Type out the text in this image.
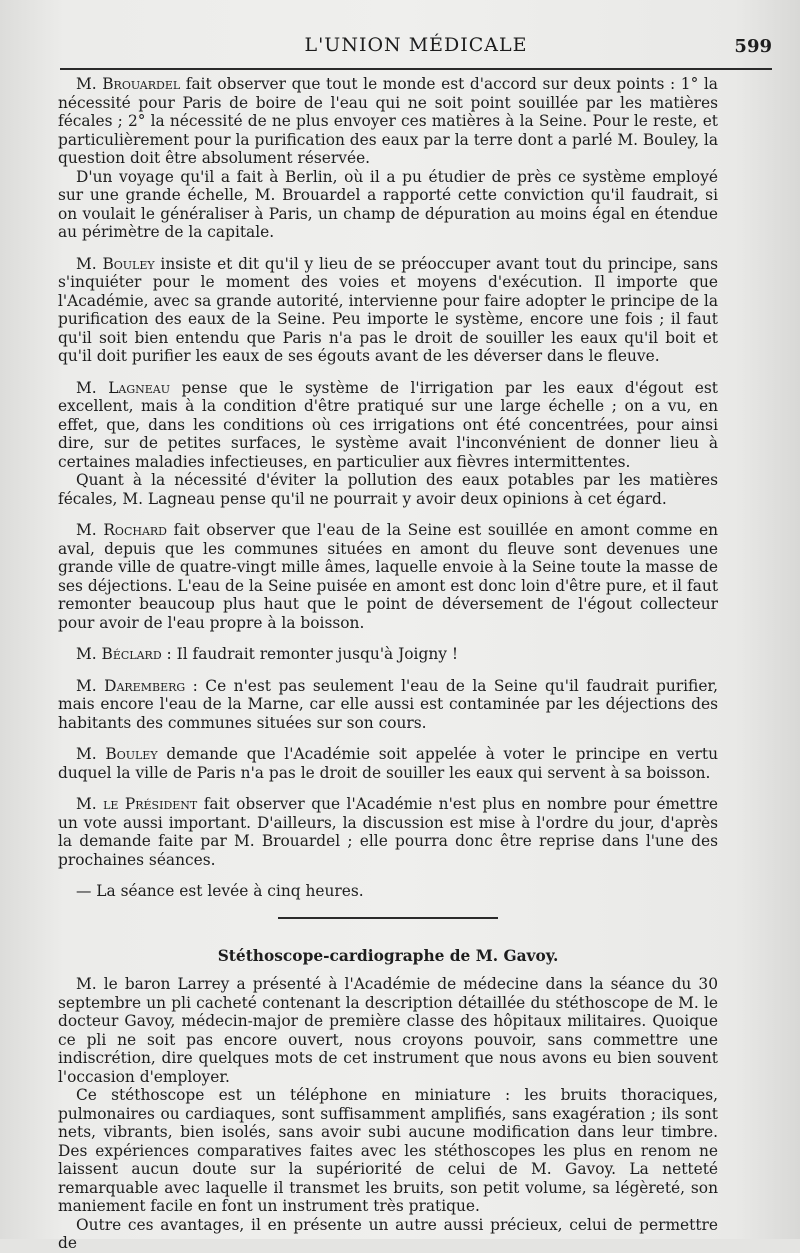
L'UNION MÉDICALE	599

M. Brouardel fait observer que tout le monde est d'accord sur deux points : 1° la nécessité pour Paris de boire de l'eau qui ne soit point souillée par les matières fécales ; 2° la nécessité de ne plus envoyer ces matières à la Seine. Pour le reste, et particulièrement pour la purification des eaux par la terre dont a parlé M. Bouley, la question doit être absolument réservée.

D'un voyage qu'il a fait à Berlin, où il a pu étudier de près ce système employé sur une grande échelle, M. Brouardel a rapporté cette conviction qu'il faudrait, si on voulait le généraliser à Paris, un champ de dépuration au moins égal en étendue au périmètre de la capitale.

M. Bouley insiste et dit qu'il y lieu de se préoccuper avant tout du principe, sans s'inquiéter pour le moment des voies et moyens d'exécution. Il importe que l'Académie, avec sa grande autorité, intervienne pour faire adopter le principe de la purification des eaux de la Seine. Peu importe le système, encore une fois ; il faut qu'il soit bien entendu que Paris n'a pas le droit de souiller les eaux qu'il boit et qu'il doit purifier les eaux de ses égouts avant de les déverser dans le fleuve.

M. Lagneau pense que le système de l'irrigation par les eaux d'égout est excellent, mais à la condition d'être pratiqué sur une large échelle ; on a vu, en effet, que, dans les conditions où ces irrigations ont été concentrées, pour ainsi dire, sur de petites surfaces, le système avait l'inconvénient de donner lieu à certaines maladies infectieuses, en particulier aux fièvres intermittentes.

Quant à la nécessité d'éviter la pollution des eaux potables par les matières fécales, M. Lagneau pense qu'il ne pourrait y avoir deux opinions à cet égard.

M. Rochard fait observer que l'eau de la Seine est souillée en amont comme en aval, depuis que les communes situées en amont du fleuve sont devenues une grande ville de quatre-vingt mille âmes, laquelle envoie à la Seine toute la masse de ses déjections. L'eau de la Seine puisée en amont est donc loin d'être pure, et il faut remonter beaucoup plus haut que le point de déversement de l'égout collecteur pour avoir de l'eau propre à la boisson.

M. Béclard : Il faudrait remonter jusqu'à Joigny !

M. Daremberg : Ce n'est pas seulement l'eau de la Seine qu'il faudrait purifier, mais encore l'eau de la Marne, car elle aussi est contaminée par les déjections des habitants des communes situées sur son cours.

M. Bouley demande que l'Académie soit appelée à voter le principe en vertu duquel la ville de Paris n'a pas le droit de souiller les eaux qui servent à sa boisson.

M. le Président fait observer que l'Académie n'est plus en nombre pour émettre un vote aussi important. D'ailleurs, la discussion est mise à l'ordre du jour, d'après la demande faite par M. Brouardel ; elle pourra donc être reprise dans l'une des prochaines séances.

— La séance est levée à cinq heures.

Stéthoscope-cardiographe de M. Gavoy.

M. le baron Larrey a présenté à l'Académie de médecine dans la séance du 30 septembre un pli cacheté contenant la description détaillée du stéthoscope de M. le docteur Gavoy, médecin-major de première classe des hôpitaux militaires. Quoique ce pli ne soit pas encore ouvert, nous croyons pouvoir, sans commettre une indiscrétion, dire quelques mots de cet instrument que nous avons eu bien souvent l'occasion d'employer.

Ce stéthoscope est un téléphone en miniature : les bruits thoraciques, pulmonaires ou cardiaques, sont suffisamment amplifiés, sans exagération ; ils sont nets, vibrants, bien isolés, sans avoir subi aucune modification dans leur timbre. Des expériences comparatives faites avec les stéthoscopes les plus en renom ne laissent aucun doute sur la supériorité de celui de M. Gavoy. La netteté remarquable avec laquelle il transmet les bruits, son petit volume, sa légèreté, son maniement facile en font un instrument très pratique.

Outre ces avantages, il en présente un autre aussi précieux, celui de permettre de
